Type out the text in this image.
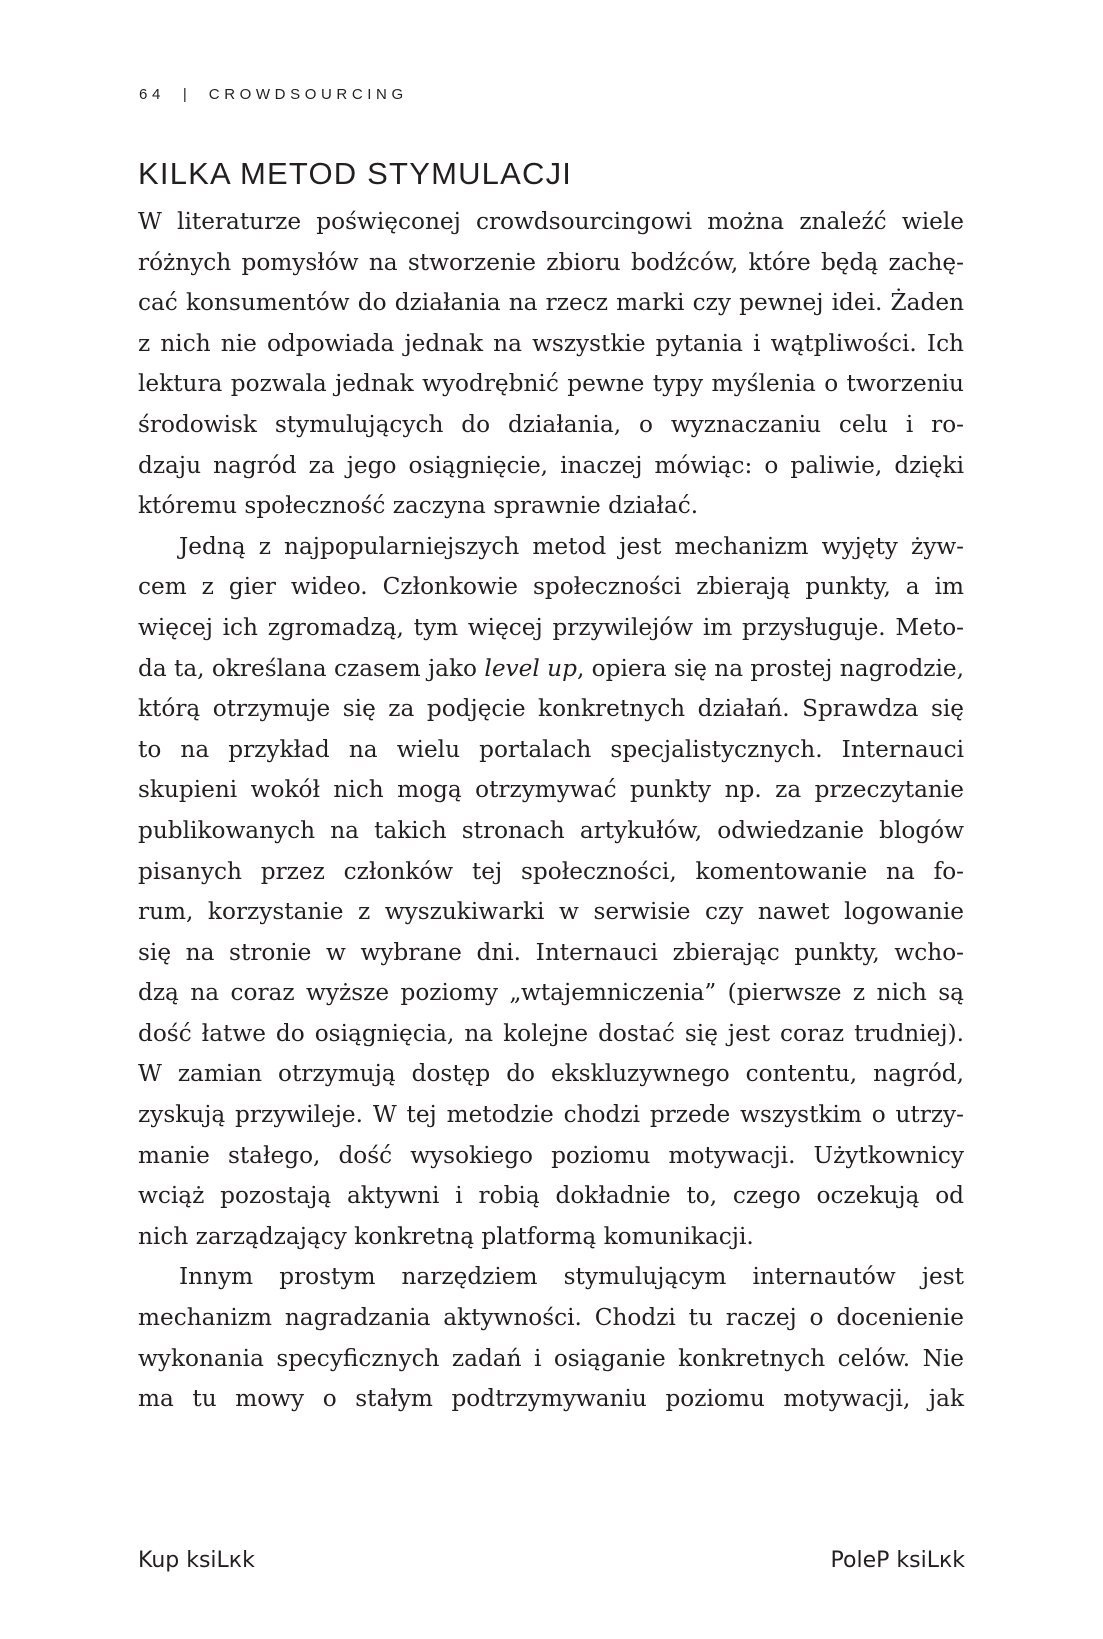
64 | CROWDSOURCING
KILKA METOD STYMULACJI
W literaturze poświęconej crowdsourcingowi można znaleźć wiele
różnych pomysłów na stworzenie zbioru bodźców, które będą zachę-
cać konsumentów do działania na rzecz marki czy pewnej idei. Żaden
z nich nie odpowiada jednak na wszystkie pytania i wątpliwości. Ich
lektura pozwala jednak wyodrębnić pewne typy myślenia o tworzeniu
środowisk stymulujących do działania, o wyznaczaniu celu i ro-
dzaju nagród za jego osiągnięcie, inaczej mówiąc: o paliwie, dzięki
któremu społeczność zaczyna sprawnie działać.
Jedną z najpopularniejszych metod jest mechanizm wyjęty żyw-
cem z gier wideo. Członkowie społeczności zbierają punkty, a im
więcej ich zgromadzą, tym więcej przywilejów im przysługuje. Meto-
da ta, określana czasem jako level up, opiera się na prostej nagrodzie,
którą otrzymuje się za podjęcie konkretnych działań. Sprawdza się
to na przykład na wielu portalach specjalistycznych. Internauci
skupieni wokół nich mogą otrzymywać punkty np. za przeczytanie
publikowanych na takich stronach artykułów, odwiedzanie blogów
pisanych przez członków tej społeczności, komentowanie na fo-
rum, korzystanie z wyszukiwarki w serwisie czy nawet logowanie
się na stronie w wybrane dni. Internauci zbierając punkty, wcho-
dzą na coraz wyższe poziomy „wtajemniczenia” (pierwsze z nich są
dość łatwe do osiągnięcia, na kolejne dostać się jest coraz trudniej).
W zamian otrzymują dostęp do ekskluzywnego contentu, nagród,
zyskują przywileje. W tej metodzie chodzi przede wszystkim o utrzy-
manie stałego, dość wysokiego poziomu motywacji. Użytkownicy
wciąż pozostają aktywni i robią dokładnie to, czego oczekują od
nich zarządzający konkretną platformą komunikacji.
Innym prostym narzędziem stymulującym internautów jest
mechanizm nagradzania aktywności. Chodzi tu raczej o docenienie
wykonania specyficznych zadań i osiąganie konkretnych celów. Nie
ma tu mowy o stałym podtrzymywaniu poziomu motywacji, jak
Kup ksiLкk	PoleP ksiLкk
